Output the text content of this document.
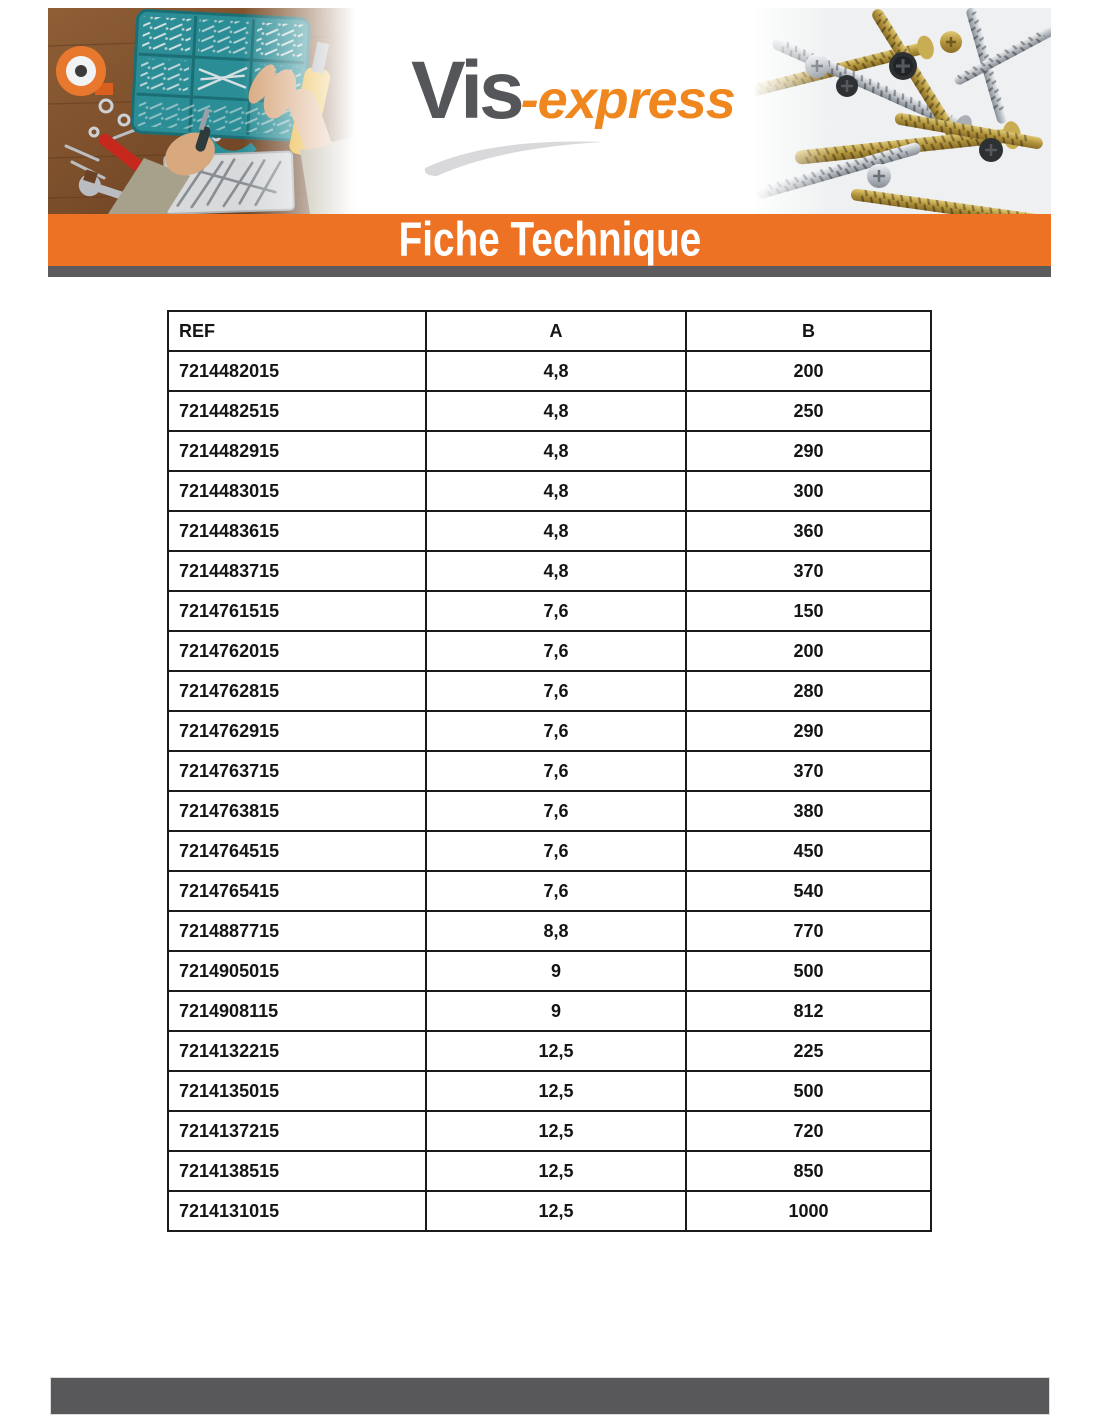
Vis-express
Fiche Technique
REF	A	B
7214482015	4,8	200
7214482515	4,8	250
7214482915	4,8	290
7214483015	4,8	300
7214483615	4,8	360
7214483715	4,8	370
7214761515	7,6	150
7214762015	7,6	200
7214762815	7,6	280
7214762915	7,6	290
7214763715	7,6	370
7214763815	7,6	380
7214764515	7,6	450
7214765415	7,6	540
7214887715	8,8	770
7214905015	9	500
7214908115	9	812
7214132215	12,5	225
7214135015	12,5	500
7214137215	12,5	720
7214138515	12,5	850
7214131015	12,5	1000
